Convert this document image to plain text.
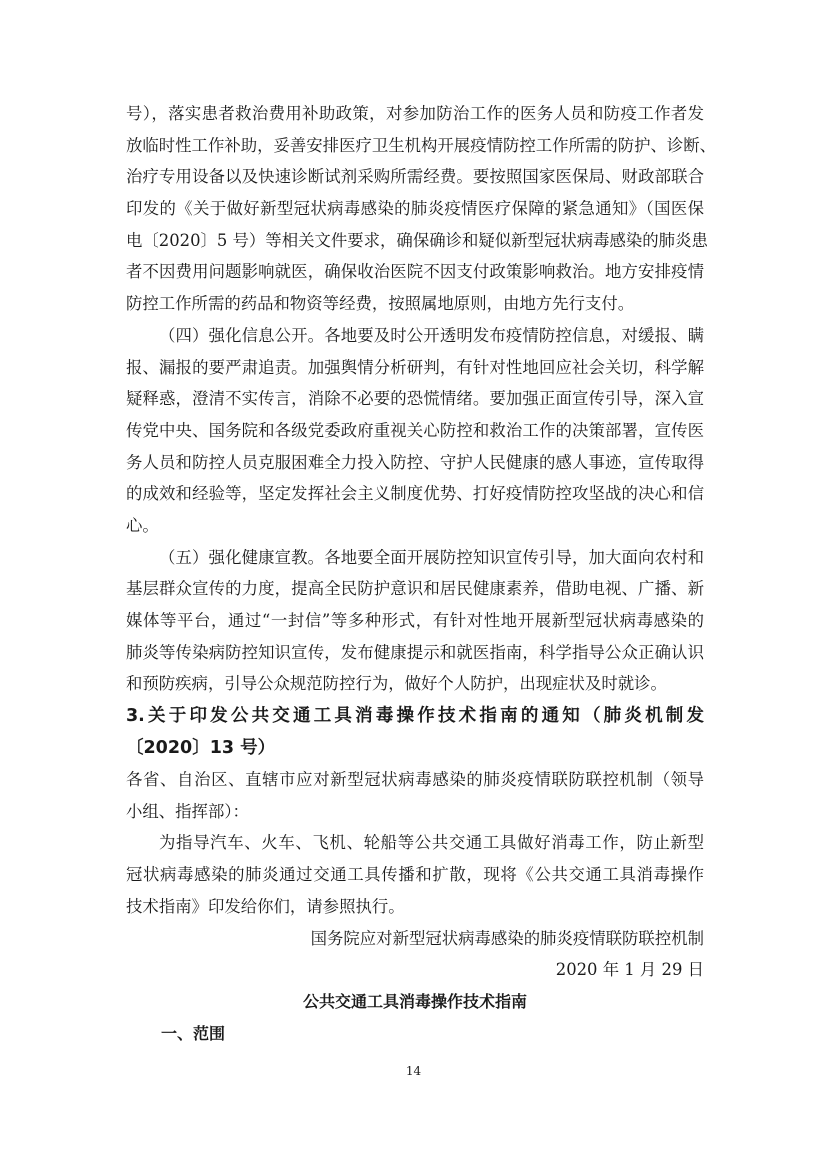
号），落实患者救治费用补助政策，对参加防治工作的医务人员和防疫工作者发
放临时性工作补助，妥善安排医疗卫生机构开展疫情防控工作所需的防护、诊断、
治疗专用设备以及快速诊断试剂采购所需经费。要按照国家医保局、财政部联合
印发的《关于做好新型冠状病毒感染的肺炎疫情医疗保障的紧急通知》（国医保
电〔2020〕5 号）等相关文件要求，确保确诊和疑似新型冠状病毒感染的肺炎患
者不因费用问题影响就医，确保收治医院不因支付政策影响救治。地方安排疫情
防控工作所需的药品和物资等经费，按照属地原则，由地方先行支付。
（四）强化信息公开。各地要及时公开透明发布疫情防控信息，对缓报、瞒
报、漏报的要严肃追责。加强舆情分析研判，有针对性地回应社会关切，科学解
疑释惑，澄清不实传言，消除不必要的恐慌情绪。要加强正面宣传引导，深入宣
传党中央、国务院和各级党委政府重视关心防控和救治工作的决策部署，宣传医
务人员和防控人员克服困难全力投入防控、守护人民健康的感人事迹，宣传取得
的成效和经验等，坚定发挥社会主义制度优势、打好疫情防控攻坚战的决心和信
心。
（五）强化健康宣教。各地要全面开展防控知识宣传引导，加大面向农村和
基层群众宣传的力度，提高全民防护意识和居民健康素养，借助电视、广播、新
媒体等平台，通过“一封信”等多种形式，有针对性地开展新型冠状病毒感染的
肺炎等传染病防控知识宣传，发布健康提示和就医指南，科学指导公众正确认识
和预防疾病，引导公众规范防控行为，做好个人防护，出现症状及时就诊。
3.关于印发公共交通工具消毒操作技术指南的通知（肺炎机制发
〔2020〕13 号）
各省、自治区、直辖市应对新型冠状病毒感染的肺炎疫情联防联控机制（领导
小组、指挥部）：
为指导汽车、火车、飞机、轮船等公共交通工具做好消毒工作，防止新型
冠状病毒感染的肺炎通过交通工具传播和扩散，现将《公共交通工具消毒操作
技术指南》印发给你们，请参照执行。
国务院应对新型冠状病毒感染的肺炎疫情联防联控机制
2020 年 1 月 29 日
公共交通工具消毒操作技术指南
一、范围
14
